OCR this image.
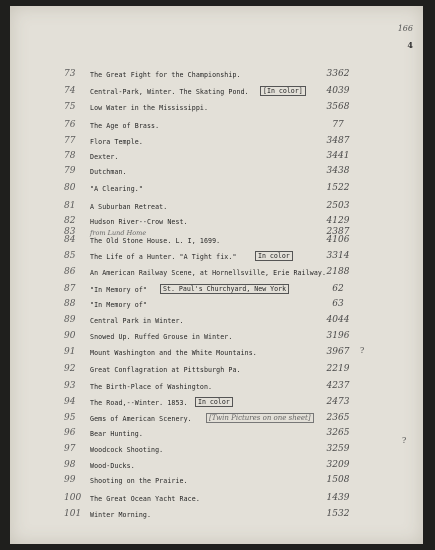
166
4
73	The Great Fight for the Championship.	3362
74	Central-Park, Winter. The Skating Pond.	[In color]	4039
75	Low Water in the Mississippi.	3568
76	The Age of Brass.	77
77	Flora Temple.	3487
78	Dexter.	3441
79	Dutchman.	3438
80	"A Clearing."	1522
81	A Suburban Retreat.	2503
82	Hudson River--Crow Nest.	4129
83	from Lund Home	2387
84	The Old Stone House. L. I, 1699.	4106
85	The Life of a Hunter. "A Tight fix."	In color	3314
86	An American Railway Scene, at Hornellsville, Erie Railway. 2188
87	"In Memory of"	St. Paul's Churchyard, New York	62
88	"In Memory of"	63
89	Central Park in Winter.	4044
90	Snowed Up. Ruffed Grouse in Winter.	3196
91	Mount Washington and the White Mountains.	3967
92	Great Conflagration at Pittsburgh Pa.	2219
93	The Birth-Place of Washington.	4237
94	The Road,--Winter. 1853.	In color	2473
95	Gems of American Scenery.	[Twin Pictures on one sheet]	2365
96	Bear Hunting.	3265
97	Woodcock Shooting.	3259
98	Wood-Ducks.	3209
99	Shooting on the Prairie.	1508
100	The Great Ocean Yacht Race.	1439
101	Winter Morning.	1532
?
?
